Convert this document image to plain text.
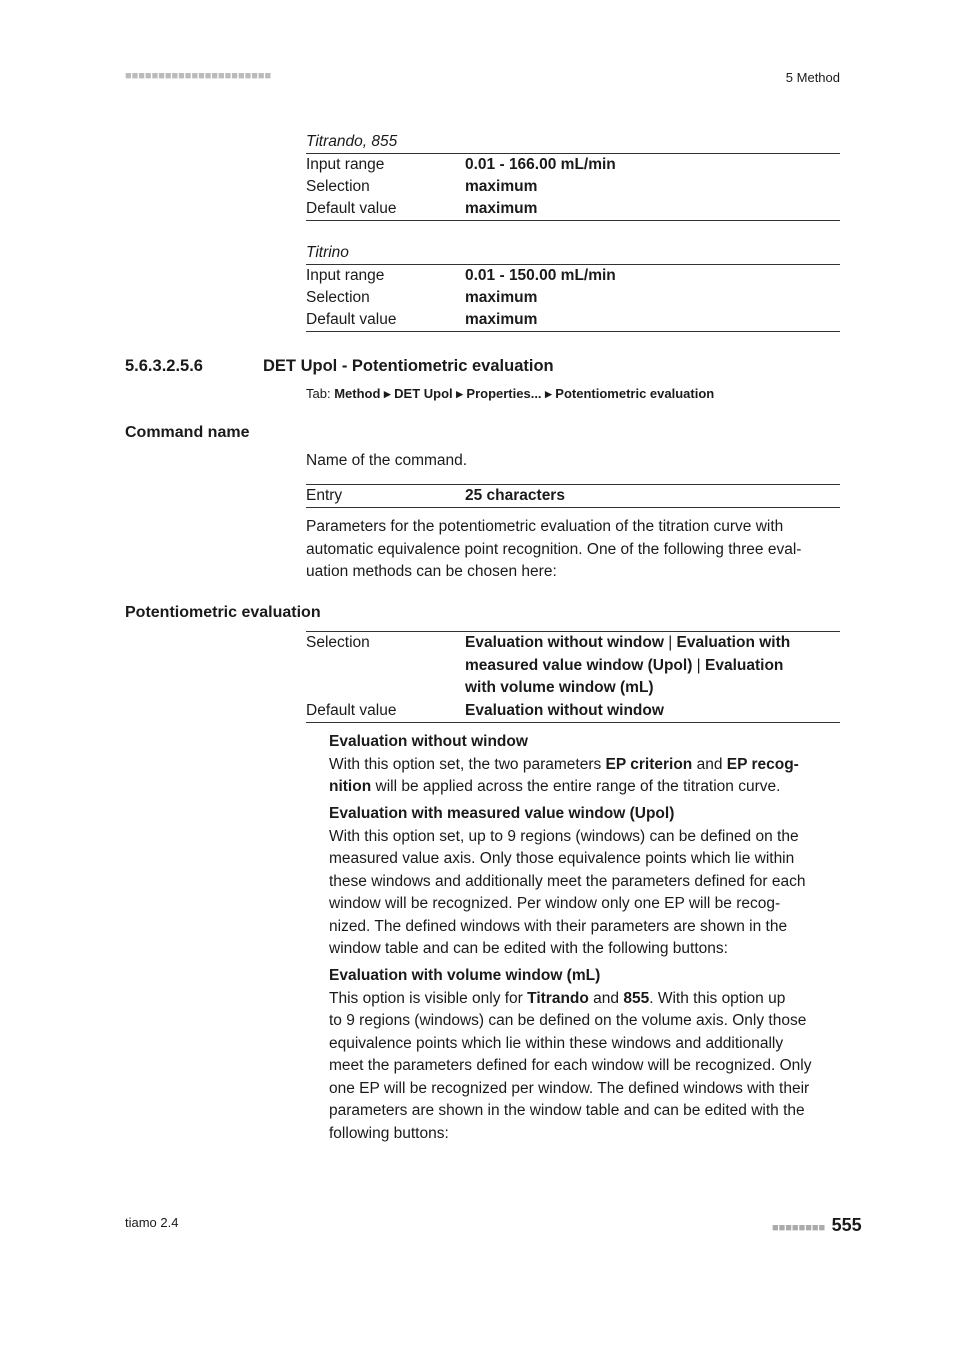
■■■■■■■■■■■■■■■■■■■■■■	5 Method
Titrando, 855
Input range	0.01 - 166.00 mL/min
Selection	maximum
Default value	maximum
Titrino
Input range	0.01 - 150.00 mL/min
Selection	maximum
Default value	maximum
5.6.3.2.5.6	DET Upol - Potentiometric evaluation
Tab: Method ▸ DET Upol ▸ Properties... ▸ Potentiometric evaluation
Command name
Name of the command.
Entry	25 characters
Parameters for the potentiometric evaluation of the titration curve with
automatic equivalence point recognition. One of the following three eval-
uation methods can be chosen here:
Potentiometric evaluation
Selection	Evaluation without window | Evaluation with
measured value window (Upol) | Evaluation
with volume window (mL)
Default value	Evaluation without window
Evaluation without window
With this option set, the two parameters EP criterion and EP recog-
nition will be applied across the entire range of the titration curve.
Evaluation with measured value window (Upol)
With this option set, up to 9 regions (windows) can be defined on the
measured value axis. Only those equivalence points which lie within
these windows and additionally meet the parameters defined for each
window will be recognized. Per window only one EP will be recog-
nized. The defined windows with their parameters are shown in the
window table and can be edited with the following buttons:
Evaluation with volume window (mL)
This option is visible only for Titrando and 855. With this option up
to 9 regions (windows) can be defined on the volume axis. Only those
equivalence points which lie within these windows and additionally
meet the parameters defined for each window will be recognized. Only
one EP will be recognized per window. The defined windows with their
parameters are shown in the window table and can be edited with the
following buttons:
tiamo 2.4	■■■■■■■■ 555
